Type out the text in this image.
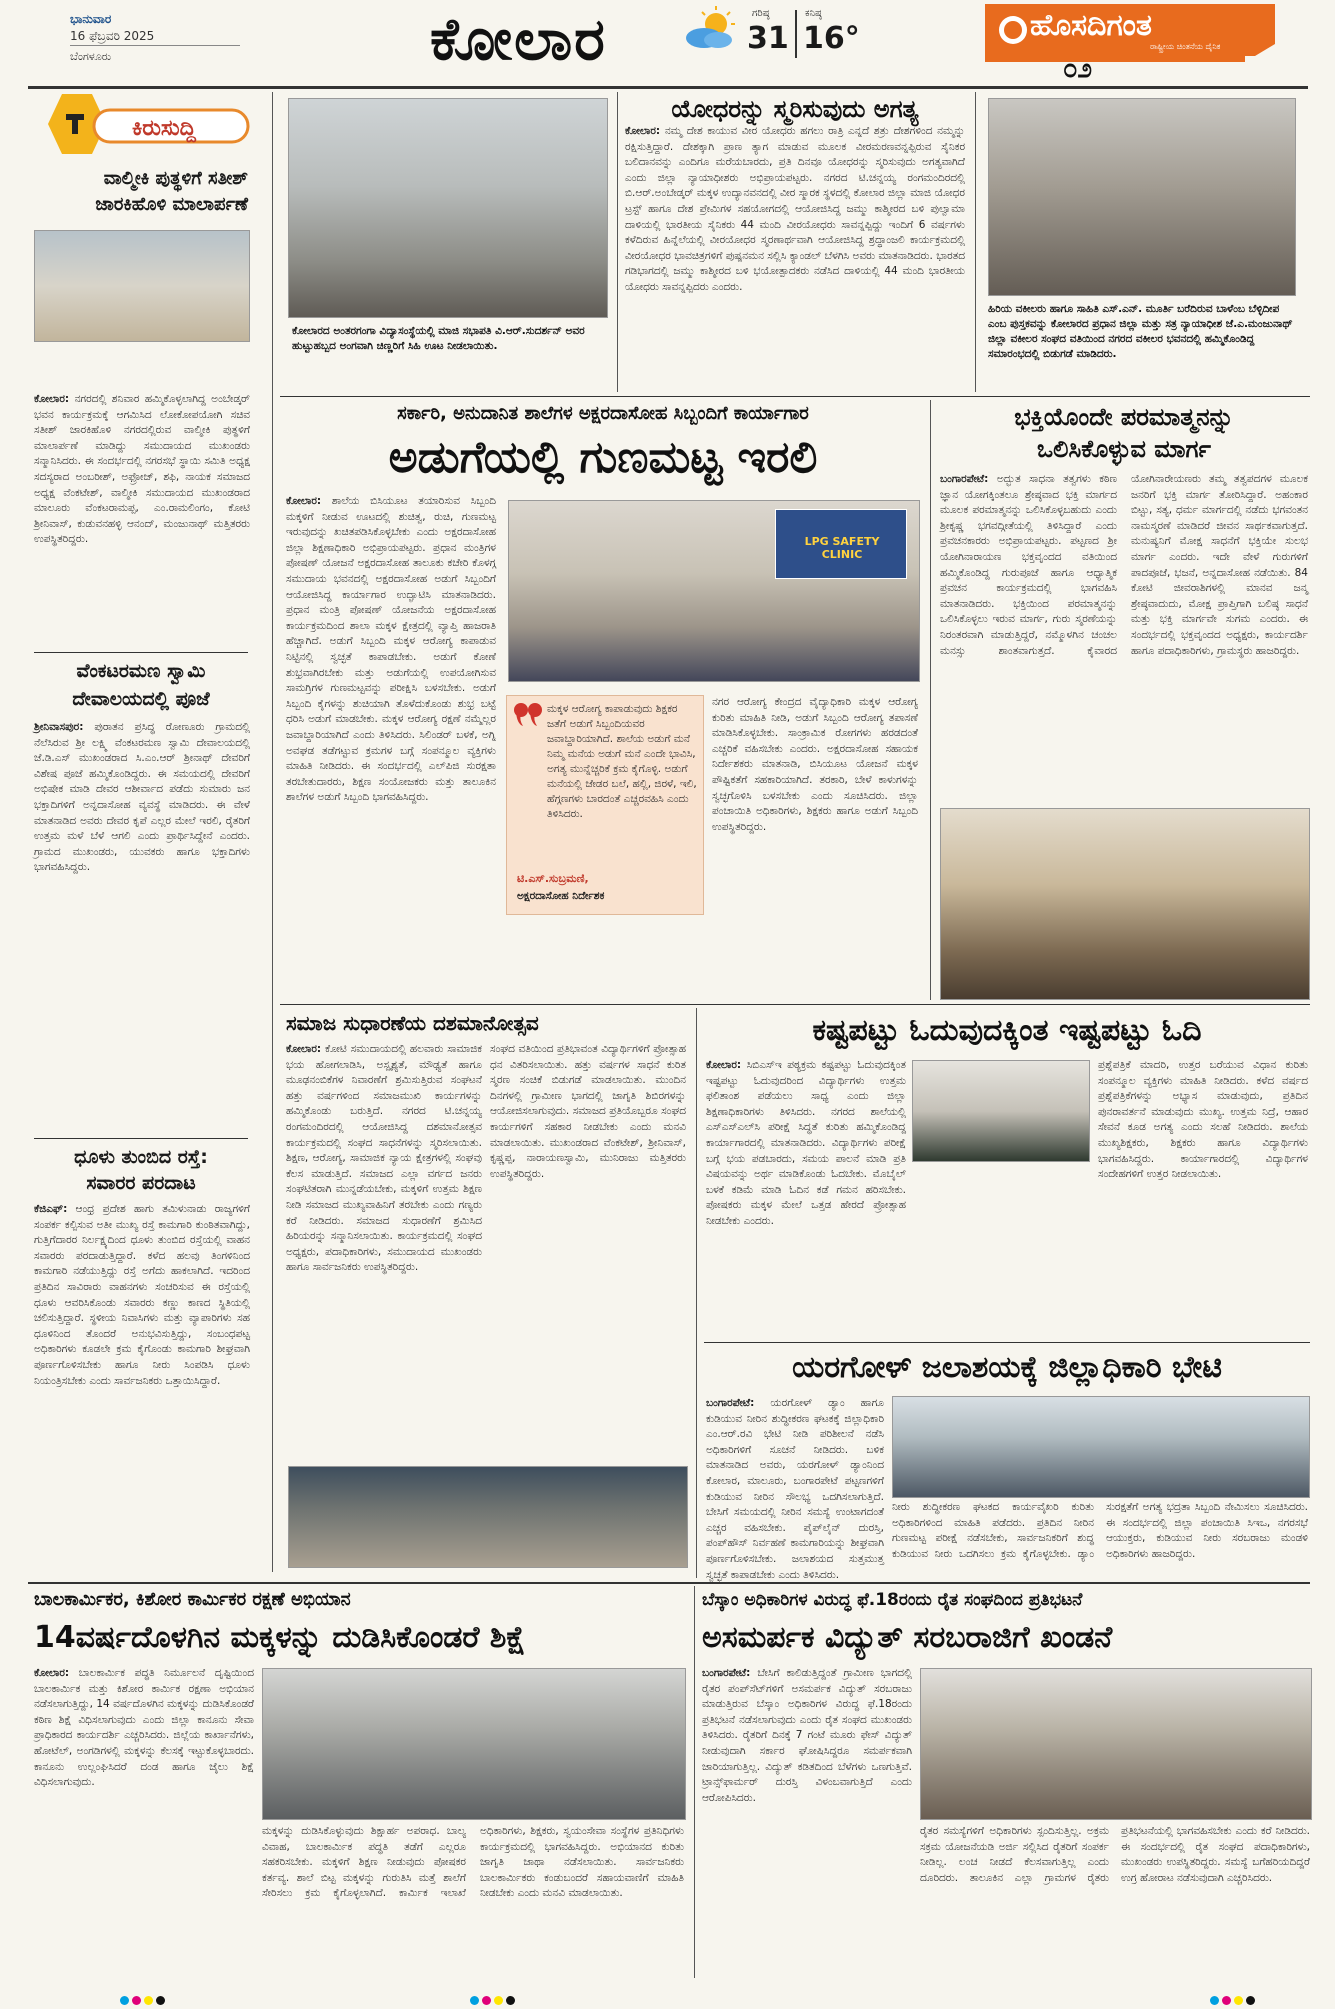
ಭಾನುವಾರ
16 ಫೆಬ್ರವರಿ 2025
ಬೆಂಗಳೂರು	ಕೋಲಾರ	ಗರಿಷ್ಠ
31
ಕನಿಷ್ಠ
16°	ಹೊಸದಿಗಂತ
ರಾಷ್ಟ್ರೀಯ ಚಿಂತನೆಯ ದೈನಿಕ
೦೨
ಕಿರುಸುದ್ದಿ
ವಾಲ್ಮೀಕಿ ಪುತ್ಥಳಿಗೆ ಸತೀಶ್ ಜಾರಕಿಹೊಳಿ ಮಾಲಾರ್ಪಣೆ
ಕೋಲಾರ: ನಗರದಲ್ಲಿ ಶನಿವಾರ ಹಮ್ಮಿಕೊಳ್ಳಲಾಗಿದ್ದ ಅಂಬೇಡ್ಕರ್ ಭವನ ಕಾರ್ಯಕ್ರಮಕ್ಕೆ ಆಗಮಿಸಿದ ಲೋಕೋಪಯೋಗಿ ಸಚಿವ ಸತೀಶ್ ಜಾರಕಿಹೊಳಿ ನಗರದಲ್ಲಿರುವ ವಾಲ್ಮೀಕಿ ಪುತ್ಥಳಿಗೆ ಮಾಲಾರ್ಪಣೆ ಮಾಡಿದ್ದು ಸಮುದಾಯದ ಮುಖಂಡರು ಸನ್ಮಾನಿಸಿದರು. ಈ ಸಂದರ್ಭದಲ್ಲಿ ನಗರಸಭೆ ಸ್ಥಾಯಿ ಸಮಿತಿ ಅಧ್ಯಕ್ಷ ಸದಸ್ಯರಾದ ಅಂಬರೀಶ್, ಅಫ್ರೋಜ್, ಶಫಿ, ನಾಯಕ ಸಮಾಜದ ಅಧ್ಯಕ್ಷ ವೆಂಕಟೇಶ್, ವಾಲ್ಮೀಕಿ ಸಮುದಾಯದ ಮುಖಂಡರಾದ ಮಾಲೂರು ವೆಂಕಟರಾಮಪ್ಪ, ಎಂ.ರಾಮಲಿಂಗಂ, ಕೋಟಿ ಶ್ರೀನಿವಾಸ್, ಕುಡುವನಹಳ್ಳಿ ಆನಂದ್, ಮಂಜುನಾಥ್ ಮತ್ತಿತರರು ಉಪಸ್ಥಿತರಿದ್ದರು.
ವೆಂಕಟರಮಣ ಸ್ವಾಮಿ
ದೇವಾಲಯದಲ್ಲಿ ಪೂಜೆ
ಶ್ರೀನಿವಾಸಪುರ: ಪುರಾತನ ಪ್ರಸಿದ್ಧ ರೋಣೂರು ಗ್ರಾಮದಲ್ಲಿ ನೆಲೆಸಿರುವ ಶ್ರೀ ಲಕ್ಷ್ಮಿ ವೆಂಕಟರಮಣ ಸ್ವಾಮಿ ದೇವಾಲಯದಲ್ಲಿ ಜೆ.ಡಿ.ಎಸ್ ಮುಖಂಡರಾದ ಸಿ.ಎಂ.ಆರ್ ಶ್ರೀನಾಥ್ ದೇವರಿಗೆ ವಿಶೇಷ ಪೂಜೆ ಹಮ್ಮಿಕೊಂಡಿದ್ದರು. ಈ ಸಮಯದಲ್ಲಿ ದೇವರಿಗೆ ಅಭಿಷೇಕ ಮಾಡಿ ದೇವರ ಆಶೀರ್ವಾದ ಪಡೆದು ಸುಮಾರು ಜನ ಭಕ್ತಾದಿಗಳಿಗೆ ಅನ್ನದಾಸೋಹ ವ್ಯವಸ್ಥೆ ಮಾಡಿದರು. ಈ ವೇಳೆ ಮಾತನಾಡಿದ ಅವರು ದೇವರ ಕೃಪೆ ಎಲ್ಲರ ಮೇಲೆ ಇರಲಿ, ರೈತರಿಗೆ ಉತ್ತಮ ಮಳೆ ಬೆಳೆ ಆಗಲಿ ಎಂದು ಪ್ರಾರ್ಥಿಸಿದ್ದೇನೆ ಎಂದರು. ಗ್ರಾಮದ ಮುಖಂಡರು, ಯುವಕರು ಹಾಗೂ ಭಕ್ತಾದಿಗಳು ಭಾಗವಹಿಸಿದ್ದರು.
ಧೂಳು ತುಂಬಿದ ರಸ್ತೆ:
ಸವಾರರ ಪರದಾಟ
ಕೆಜಿಎಫ್: ಆಂಧ್ರ ಪ್ರದೇಶ ಹಾಗು ತಮಿಳುನಾಡು ರಾಜ್ಯಗಳಿಗೆ ಸಂಪರ್ಕ ಕಲ್ಪಿಸುವ ಅತೀ ಮುಖ್ಯ ರಸ್ತೆ ಕಾಮಗಾರಿ ಕುಂಠಿತವಾಗಿದ್ದು, ಗುತ್ತಿಗೆದಾರರ ನಿರ್ಲಕ್ಷ್ಯದಿಂದ ಧೂಳು ತುಂಬಿದ ರಸ್ತೆಯಲ್ಲಿ ವಾಹನ ಸವಾರರು ಪರದಾಡುತ್ತಿದ್ದಾರೆ. ಕಳೆದ ಹಲವು ತಿಂಗಳಿನಿಂದ ಕಾಮಗಾರಿ ನಡೆಯುತ್ತಿದ್ದು ರಸ್ತೆ ಅಗೆದು ಹಾಕಲಾಗಿದೆ. ಇದರಿಂದ ಪ್ರತಿದಿನ ಸಾವಿರಾರು ವಾಹನಗಳು ಸಂಚರಿಸುವ ಈ ರಸ್ತೆಯಲ್ಲಿ ಧೂಳು ಆವರಿಸಿಕೊಂಡು ಸವಾರರು ಕಣ್ಣು ಕಾಣದ ಸ್ಥಿತಿಯಲ್ಲಿ ಚಲಿಸುತ್ತಿದ್ದಾರೆ. ಸ್ಥಳೀಯ ನಿವಾಸಿಗಳು ಮತ್ತು ವ್ಯಾಪಾರಿಗಳು ಸಹ ಧೂಳಿನಿಂದ ತೊಂದರೆ ಅನುಭವಿಸುತ್ತಿದ್ದು, ಸಂಬಂಧಪಟ್ಟ ಅಧಿಕಾರಿಗಳು ಕೂಡಲೇ ಕ್ರಮ ಕೈಗೊಂಡು ಕಾಮಗಾರಿ ಶೀಘ್ರವಾಗಿ ಪೂರ್ಣಗೊಳಿಸಬೇಕು ಹಾಗೂ ನೀರು ಸಿಂಪಡಿಸಿ ಧೂಳು ನಿಯಂತ್ರಿಸಬೇಕು ಎಂದು ಸಾರ್ವಜನಿಕರು ಒತ್ತಾಯಿಸಿದ್ದಾರೆ.
ಕೋಲಾರದ ಅಂತರಗಂಗಾ ವಿದ್ಯಾಸಂಸ್ಥೆಯಲ್ಲಿ ಮಾಜಿ ಸಭಾಪತಿ ವಿ.ಆರ್.ಸುದರ್ಶನ್ ಅವರ ಹುಟ್ಟುಹಬ್ಬದ ಅಂಗವಾಗಿ ಚಿಣ್ಣರಿಗೆ ಸಿಹಿ ಊಟ ನೀಡಲಾಯಿತು.
ಯೋಧರನ್ನು ಸ್ಮರಿಸುವುದು ಅಗತ್ಯ
ಕೋಲಾರ: ನಮ್ಮ ದೇಶ ಕಾಯುವ ವೀರ ಯೋಧರು ಹಗಲು ರಾತ್ರಿ ಎನ್ನದೆ ಶತ್ರು ದೇಶಗಳಿಂದ ನಮ್ಮನ್ನು ರಕ್ಷಿಸುತ್ತಿದ್ದಾರೆ. ದೇಶಕ್ಕಾಗಿ ಪ್ರಾಣ ತ್ಯಾಗ ಮಾಡುವ ಮೂಲಕ ವೀರಮರಣವನ್ನಪ್ಪಿರುವ ಸೈನಿಕರ ಬಲಿದಾನವನ್ನು ಎಂದಿಗೂ ಮರೆಯಬಾರದು, ಪ್ರತಿ ದಿನವೂ ಯೋಧರನ್ನು ಸ್ಮರಿಸುವುದು ಅಗತ್ಯವಾಗಿದೆ ಎಂದು ಜಿಲ್ಲಾ ನ್ಯಾಯಾಧೀಶರು ಅಭಿಪ್ರಾಯಪಟ್ಟರು. ನಗರದ ಟಿ.ಚನ್ನಯ್ಯ ರಂಗಮಂದಿರದಲ್ಲಿ ಬಿ.ಆರ್.ಅಂಬೇಡ್ಕರ್ ಮಕ್ಕಳ ಉದ್ಯಾನವನದಲ್ಲಿ ವೀರ ಸ್ಮಾರಕ ಸ್ಥಳದಲ್ಲಿ ಕೋಲಾರ ಜಿಲ್ಲಾ ಮಾಜಿ ಯೋಧರ ಟ್ರಸ್ಟ್ ಹಾಗೂ ದೇಶ ಪ್ರೇಮಿಗಳ ಸಹಯೋಗದಲ್ಲಿ ಆಯೋಜಿಸಿದ್ದ ಜಮ್ಮು ಕಾಶ್ಮೀರದ ಬಳಿ ಪುಲ್ವಾಮಾ ದಾಳಿಯಲ್ಲಿ ಭಾರತೀಯ ಸೈನಿಕರು 44 ಮಂದಿ ವೀರಯೋಧರು ಸಾವನ್ನಪ್ಪಿದ್ದು ಇಂದಿಗೆ 6 ವರ್ಷಗಳು ಕಳೆದಿರುವ ಹಿನ್ನೆಲೆಯಲ್ಲಿ ವೀರಯೋಧರ ಸ್ಮರಣಾರ್ಥವಾಗಿ ಆಯೋಜಿಸಿದ್ದ ಶ್ರದ್ಧಾಂಜಲಿ ಕಾರ್ಯಕ್ರಮದಲ್ಲಿ ವೀರಯೋಧರ ಭಾವಚಿತ್ರಗಳಿಗೆ ಪುಷ್ಪನಮನ ಸಲ್ಲಿಸಿ ಕ್ಯಾಂಡಲ್ ಬೆಳಗಿಸಿ ಅವರು ಮಾತನಾಡಿದರು. ಭಾರತದ ಗಡಿಭಾಗದಲ್ಲಿ ಜಮ್ಮು ಕಾಶ್ಮೀರದ ಬಳಿ ಭಯೋತ್ಪಾದಕರು ನಡೆಸಿದ ದಾಳಿಯಲ್ಲಿ 44 ಮಂದಿ ಭಾರತೀಯ ಯೋಧರು ಸಾವನ್ನಪ್ಪಿದರು ಎಂದರು.
ಹಿರಿಯ ವಕೀಲರು ಹಾಗೂ ಸಾಹಿತಿ ಎಸ್.ಎನ್. ಮೂರ್ತಿ ಬರೆದಿರುವ ಬಾಳೆಂಬ ಬೆಳ್ಳಿದೀಪ ಎಂಬ ಪುಸ್ತಕವನ್ನು ಕೋಲಾರದ ಪ್ರಧಾನ ಜಿಲ್ಲಾ ಮತ್ತು ಸತ್ರ ನ್ಯಾಯಾಧೀಶ ಜೆ.ಎ.ಮಂಜುನಾಥ್ ಜಿಲ್ಲಾ ವಕೀಲರ ಸಂಘದ ವತಿಯಿಂದ ನಗರದ ವಕೀಲರ ಭವನದಲ್ಲಿ ಹಮ್ಮಿಕೊಂಡಿದ್ದ ಸಮಾರಂಭದಲ್ಲಿ ಬಿಡುಗಡೆ ಮಾಡಿದರು.
ಸರ್ಕಾರಿ, ಅನುದಾನಿತ ಶಾಲೆಗಳ ಅಕ್ಷರದಾಸೋಹ ಸಿಬ್ಬಂದಿಗೆ ಕಾರ್ಯಾಗಾರ
ಅಡುಗೆಯಲ್ಲಿ ಗುಣಮಟ್ಟ ಇರಲಿ
ಕೋಲಾರ: ಶಾಲೆಯ ಬಿಸಿಯೂಟ ತಯಾರಿಸುವ ಸಿಬ್ಬಂದಿ ಮಕ್ಕಳಿಗೆ ನೀಡುವ ಊಟದಲ್ಲಿ ಶುಚಿತ್ವ, ರುಚಿ, ಗುಣಮಟ್ಟ ಇರುವುದನ್ನು ಖಚಿತಪಡಿಸಿಕೊಳ್ಳಬೇಕು ಎಂದು ಅಕ್ಷರದಾಸೋಹ ಜಿಲ್ಲಾ ಶಿಕ್ಷಣಾಧಿಕಾರಿ ಅಭಿಪ್ರಾಯಪಟ್ಟರು. ಪ್ರಧಾನ ಮಂತ್ರಿಗಳ ಪೋಷಣ್ ಯೋಜನೆ ಅಕ್ಷರದಾಸೋಹ ತಾಲೂಕು ಕಚೇರಿ ಕೊಳಗ್ಗ ಸಮುದಾಯ ಭವನದಲ್ಲಿ ಅಕ್ಷರದಾಸೋಹ ಅಡುಗೆ ಸಿಬ್ಬಂದಿಗೆ ಆಯೋಜಿಸಿದ್ದ ಕಾರ್ಯಾಗಾರ ಉದ್ಘಾಟಿಸಿ ಮಾತನಾಡಿದರು. ಪ್ರಧಾನ ಮಂತ್ರಿ ಪೋಷಣ್ ಯೋಜನೆಯ ಅಕ್ಷರದಾಸೋಹ ಕಾರ್ಯಕ್ರಮದಿಂದ ಶಾಲಾ ಮಕ್ಕಳ ಕ್ಷೇತ್ರದಲ್ಲಿ ವ್ಯಾಪ್ತಿ ಹಾಜರಾತಿ ಹೆಚ್ಚಾಗಿದೆ. ಅಡುಗೆ ಸಿಬ್ಬಂದಿ ಮಕ್ಕಳ ಆರೋಗ್ಯ ಕಾಪಾಡುವ ನಿಟ್ಟಿನಲ್ಲಿ ಸ್ವಚ್ಛತೆ ಕಾಪಾಡಬೇಕು. ಅಡುಗೆ ಕೋಣೆ ಶುಭ್ರವಾಗಿರಬೇಕು ಮತ್ತು ಅಡುಗೆಯಲ್ಲಿ ಉಪಯೋಗಿಸುವ ಸಾಮಗ್ರಿಗಳ ಗುಣಮಟ್ಟವನ್ನು ಪರೀಕ್ಷಿಸಿ ಬಳಸಬೇಕು. ಅಡುಗೆ ಸಿಬ್ಬಂದಿ ಕೈಗಳನ್ನು ಶುಚಿಯಾಗಿ ತೊಳೆದುಕೊಂಡು ಶುಭ್ರ ಬಟ್ಟೆ ಧರಿಸಿ ಅಡುಗೆ ಮಾಡಬೇಕು. ಮಕ್ಕಳ ಆರೋಗ್ಯ ರಕ್ಷಣೆ ನಮ್ಮೆಲ್ಲರ ಜವಾಬ್ದಾರಿಯಾಗಿದೆ ಎಂದು ತಿಳಿಸಿದರು. ಸಿಲಿಂಡರ್ ಬಳಕೆ, ಅಗ್ನಿ ಅವಘಡ ತಡೆಗಟ್ಟುವ ಕ್ರಮಗಳ ಬಗ್ಗೆ ಸಂಪನ್ಮೂಲ ವ್ಯಕ್ತಿಗಳು ಮಾಹಿತಿ ನೀಡಿದರು. ಈ ಸಂದರ್ಭದಲ್ಲಿ ಎಲ್‌ಪಿಜಿ ಸುರಕ್ಷತಾ ತರಬೇತುದಾರರು, ಶಿಕ್ಷಣ ಸಂಯೋಜಕರು ಮತ್ತು ತಾಲೂಕಿನ ಶಾಲೆಗಳ ಅಡುಗೆ ಸಿಬ್ಬಂದಿ ಭಾಗವಹಿಸಿದ್ದರು.
LPG SAFETY CLINIC
ಮಕ್ಕಳ ಆರೋಗ್ಯ ಕಾಪಾಡುವುದು ಶಿಕ್ಷಕರ ಜತೆಗೆ ಅಡುಗೆ ಸಿಬ್ಬಂದಿಯವರ ಜವಾಬ್ದಾರಿಯಾಗಿದೆ. ಶಾಲೆಯ ಅಡುಗೆ ಮನೆ ನಿಮ್ಮ ಮನೆಯ ಅಡುಗೆ ಮನೆ ಎಂದೇ ಭಾವಿಸಿ, ಅಗತ್ಯ ಮುನ್ನೆಚ್ಚರಿಕೆ ಕ್ರಮ ಕೈಗೊಳ್ಳಿ. ಅಡುಗೆ ಮನೆಯಲ್ಲಿ ಜೇಡರ ಬಲೆ, ಹಲ್ಲಿ, ಜಿರಳೆ, ಇಲಿ, ಹೆಗ್ಗಣಗಳು ಬಾರದಂತೆ ಎಚ್ಚರವಹಿಸಿ ಎಂದು ತಿಳಿಸಿದರು.
ಟಿ.ಎಸ್.ಸುಬ್ರಮಣಿ,
ಅಕ್ಷರದಾಸೋಹ ನಿರ್ದೇಶಕ
ನಗರ ಆರೋಗ್ಯ ಕೇಂದ್ರದ ವೈದ್ಯಾಧಿಕಾರಿ ಮಕ್ಕಳ ಆರೋಗ್ಯ ಕುರಿತು ಮಾಹಿತಿ ನೀಡಿ, ಅಡುಗೆ ಸಿಬ್ಬಂದಿ ಆರೋಗ್ಯ ತಪಾಸಣೆ ಮಾಡಿಸಿಕೊಳ್ಳಬೇಕು. ಸಾಂಕ್ರಾಮಿಕ ರೋಗಗಳು ಹರಡದಂತೆ ಎಚ್ಚರಿಕೆ ವಹಿಸಬೇಕು ಎಂದರು. ಅಕ್ಷರದಾಸೋಹ ಸಹಾಯಕ ನಿರ್ದೇಶಕರು ಮಾತನಾಡಿ, ಬಿಸಿಯೂಟ ಯೋಜನೆ ಮಕ್ಕಳ ಪೌಷ್ಟಿಕತೆಗೆ ಸಹಕಾರಿಯಾಗಿದೆ. ತರಕಾರಿ, ಬೇಳೆ ಕಾಳುಗಳನ್ನು ಸ್ವಚ್ಛಗೊಳಿಸಿ ಬಳಸಬೇಕು ಎಂದು ಸೂಚಿಸಿದರು. ಜಿಲ್ಲಾ ಪಂಚಾಯಿತಿ ಅಧಿಕಾರಿಗಳು, ಶಿಕ್ಷಕರು ಹಾಗೂ ಅಡುಗೆ ಸಿಬ್ಬಂದಿ ಉಪಸ್ಥಿತರಿದ್ದರು.
ಭಕ್ತಿಯೊಂದೇ ಪರಮಾತ್ಮನನ್ನು
ಒಲಿಸಿಕೊಳ್ಳುವ ಮಾರ್ಗ
ಬಂಗಾರಪೇಟೆ: ಅದ್ಭುತ ಸಾಧನಾ ತತ್ವಗಳು ಕಠಿಣ ಜ್ಞಾನ ಯೋಗಕ್ಕಿಂತಲೂ ಶ್ರೇಷ್ಠವಾದ ಭಕ್ತಿ ಮಾರ್ಗದ ಮೂಲಕ ಪರಮಾತ್ಮನನ್ನು ಒಲಿಸಿಕೊಳ್ಳಬಹುದು ಎಂದು ಶ್ರೀಕೃಷ್ಣ ಭಗವದ್ಗೀತೆಯಲ್ಲಿ ತಿಳಿಸಿದ್ದಾರೆ ಎಂದು ಪ್ರವಚನಕಾರರು ಅಭಿಪ್ರಾಯಪಟ್ಟರು. ಪಟ್ಟಣದ ಶ್ರೀ ಯೋಗಿನಾರಾಯಣ ಭಕ್ತವೃಂದದ ವತಿಯಿಂದ ಹಮ್ಮಿಕೊಂಡಿದ್ದ ಗುರುಪೂಜೆ ಹಾಗೂ ಆಧ್ಯಾತ್ಮಿಕ ಪ್ರವಚನ ಕಾರ್ಯಕ್ರಮದಲ್ಲಿ ಭಾಗವಹಿಸಿ ಮಾತನಾಡಿದರು. ಭಕ್ತಿಯಿಂದ ಪರಮಾತ್ಮನನ್ನು ಒಲಿಸಿಕೊಳ್ಳಲು ಇರುವ ಮಾರ್ಗ, ಗುರು ಸ್ಮರಣೆಯನ್ನು ನಿರಂತರವಾಗಿ ಮಾಡುತ್ತಿದ್ದರೆ, ನಮ್ಮೊಳಗಿನ ಚಂಚಲ ಮನಸ್ಸು ಶಾಂತವಾಗುತ್ತದೆ. ಕೈವಾರದ ಯೋಗಿನಾರೇಯಣರು ತಮ್ಮ ತತ್ವಪದಗಳ ಮೂಲಕ ಜನರಿಗೆ ಭಕ್ತಿ ಮಾರ್ಗ ತೋರಿಸಿದ್ದಾರೆ. ಅಹಂಕಾರ ಬಿಟ್ಟು, ಸತ್ಯ, ಧರ್ಮ ಮಾರ್ಗದಲ್ಲಿ ನಡೆದು ಭಗವಂತನ ನಾಮಸ್ಮರಣೆ ಮಾಡಿದರೆ ಜೀವನ ಸಾರ್ಥಕವಾಗುತ್ತದೆ. ಮನುಷ್ಯನಿಗೆ ಮೋಕ್ಷ ಸಾಧನೆಗೆ ಭಕ್ತಿಯೇ ಸುಲಭ ಮಾರ್ಗ ಎಂದರು. ಇದೇ ವೇಳೆ ಗುರುಗಳಿಗೆ ಪಾದಪೂಜೆ, ಭಜನೆ, ಅನ್ನದಾಸೋಹ ನಡೆಯಿತು. 84 ಕೋಟಿ ಜೀವರಾಶಿಗಳಲ್ಲಿ ಮಾನವ ಜನ್ಮ ಶ್ರೇಷ್ಠವಾದುದು, ಮೋಕ್ಷ ಪ್ರಾಪ್ತಿಗಾಗಿ ಬಲಿಷ್ಠ ಸಾಧನೆ ಮತ್ತು ಭಕ್ತಿ ಮಾರ್ಗವೇ ಸುಗಮ ಎಂದರು. ಈ ಸಂದರ್ಭದಲ್ಲಿ ಭಕ್ತವೃಂದದ ಅಧ್ಯಕ್ಷರು, ಕಾರ್ಯದರ್ಶಿ ಹಾಗೂ ಪದಾಧಿಕಾರಿಗಳು, ಗ್ರಾಮಸ್ಥರು ಹಾಜರಿದ್ದರು.
ಸಮಾಜ ಸುಧಾರಣೆಯ ದಶಮಾನೋತ್ಸವ
ಕೋಲಾರ: ಕೋಟಿ ಸಮುದಾಯದಲ್ಲಿ ಹಲವಾರು ಸಾಮಾಜಿಕ ಭಯ ಹೋಗಲಾಡಿಸಿ, ಅಸ್ಪೃಶ್ಯತೆ, ಮೌಢ್ಯತೆ ಹಾಗೂ ಮೂಢನಂಬಿಕೆಗಳ ನಿವಾರಣೆಗೆ ಶ್ರಮಿಸುತ್ತಿರುವ ಸಂಘಟನೆ ಹತ್ತು ವರ್ಷಗಳಿಂದ ಸಮಾಜಮುಖಿ ಕಾರ್ಯಗಳನ್ನು ಹಮ್ಮಿಕೊಂಡು ಬರುತ್ತಿದೆ. ನಗರದ ಟಿ.ಚನ್ನಯ್ಯ ರಂಗಮಂದಿರದಲ್ಲಿ ಆಯೋಜಿಸಿದ್ದ ದಶಮಾನೋತ್ಸವ ಕಾರ್ಯಕ್ರಮದಲ್ಲಿ ಸಂಘದ ಸಾಧನೆಗಳನ್ನು ಸ್ಮರಿಸಲಾಯಿತು. ಶಿಕ್ಷಣ, ಆರೋಗ್ಯ, ಸಾಮಾಜಿಕ ನ್ಯಾಯ ಕ್ಷೇತ್ರಗಳಲ್ಲಿ ಸಂಘವು ಕೆಲಸ ಮಾಡುತ್ತಿದೆ. ಸಮಾಜದ ಎಲ್ಲಾ ವರ್ಗದ ಜನರು ಸಂಘಟಿತರಾಗಿ ಮುನ್ನಡೆಯಬೇಕು, ಮಕ್ಕಳಿಗೆ ಉತ್ತಮ ಶಿಕ್ಷಣ ನೀಡಿ ಸಮಾಜದ ಮುಖ್ಯವಾಹಿನಿಗೆ ತರಬೇಕು ಎಂದು ಗಣ್ಯರು ಕರೆ ನೀಡಿದರು. ಸಮಾಜದ ಸುಧಾರಣೆಗೆ ಶ್ರಮಿಸಿದ ಹಿರಿಯರನ್ನು ಸನ್ಮಾನಿಸಲಾಯಿತು. ಕಾರ್ಯಕ್ರಮದಲ್ಲಿ ಸಂಘದ ಅಧ್ಯಕ್ಷರು, ಪದಾಧಿಕಾರಿಗಳು, ಸಮುದಾಯದ ಮುಖಂಡರು ಹಾಗೂ ಸಾರ್ವಜನಿಕರು ಉಪಸ್ಥಿತರಿದ್ದರು.
ಸಂಘದ ವತಿಯಿಂದ ಪ್ರತಿಭಾವಂತ ವಿದ್ಯಾರ್ಥಿಗಳಿಗೆ ಪ್ರೋತ್ಸಾಹ ಧನ ವಿತರಿಸಲಾಯಿತು. ಹತ್ತು ವರ್ಷಗಳ ಸಾಧನೆ ಕುರಿತ ಸ್ಮರಣ ಸಂಚಿಕೆ ಬಿಡುಗಡೆ ಮಾಡಲಾಯಿತು. ಮುಂದಿನ ದಿನಗಳಲ್ಲಿ ಗ್ರಾಮೀಣ ಭಾಗದಲ್ಲಿ ಜಾಗೃತಿ ಶಿಬಿರಗಳನ್ನು ಆಯೋಜಿಸಲಾಗುವುದು. ಸಮಾಜದ ಪ್ರತಿಯೊಬ್ಬರೂ ಸಂಘದ ಕಾರ್ಯಗಳಿಗೆ ಸಹಕಾರ ನೀಡಬೇಕು ಎಂದು ಮನವಿ ಮಾಡಲಾಯಿತು. ಮುಖಂಡರಾದ ವೆಂಕಟೇಶ್, ಶ್ರೀನಿವಾಸ್, ಕೃಷ್ಣಪ್ಪ, ನಾರಾಯಣಸ್ವಾಮಿ, ಮುನಿರಾಜು ಮತ್ತಿತರರು ಉಪಸ್ಥಿತರಿದ್ದರು.
ಕಷ್ಟಪಟ್ಟು ಓದುವುದಕ್ಕಿಂತ ಇಷ್ಟಪಟ್ಟು ಓದಿ
ಕೋಲಾರ: ಸಿಬಿಎಸ್‌ಇ ಪಠ್ಯಕ್ರಮ ಕಷ್ಟಪಟ್ಟು ಓದುವುದಕ್ಕಿಂತ ಇಷ್ಟಪಟ್ಟು ಓದುವುದರಿಂದ ವಿದ್ಯಾರ್ಥಿಗಳು ಉತ್ತಮ ಫಲಿತಾಂಶ ಪಡೆಯಲು ಸಾಧ್ಯ ಎಂದು ಜಿಲ್ಲಾ ಶಿಕ್ಷಣಾಧಿಕಾರಿಗಳು ತಿಳಿಸಿದರು. ನಗರದ ಶಾಲೆಯಲ್ಲಿ ಎಸ್‌ಎಸ್‌ಎಲ್‌ಸಿ ಪರೀಕ್ಷೆ ಸಿದ್ಧತೆ ಕುರಿತು ಹಮ್ಮಿಕೊಂಡಿದ್ದ ಕಾರ್ಯಾಗಾರದಲ್ಲಿ ಮಾತನಾಡಿದರು. ವಿದ್ಯಾರ್ಥಿಗಳು ಪರೀಕ್ಷೆ ಬಗ್ಗೆ ಭಯ ಪಡಬಾರದು, ಸಮಯ ಪಾಲನೆ ಮಾಡಿ ಪ್ರತಿ ವಿಷಯವನ್ನು ಅರ್ಥ ಮಾಡಿಕೊಂಡು ಓದಬೇಕು. ಮೊಬೈಲ್ ಬಳಕೆ ಕಡಿಮೆ ಮಾಡಿ ಓದಿನ ಕಡೆ ಗಮನ ಹರಿಸಬೇಕು. ಪೋಷಕರು ಮಕ್ಕಳ ಮೇಲೆ ಒತ್ತಡ ಹೇರದೆ ಪ್ರೋತ್ಸಾಹ ನೀಡಬೇಕು ಎಂದರು.
ಪ್ರಶ್ನೆಪತ್ರಿಕೆ ಮಾದರಿ, ಉತ್ತರ ಬರೆಯುವ ವಿಧಾನ ಕುರಿತು ಸಂಪನ್ಮೂಲ ವ್ಯಕ್ತಿಗಳು ಮಾಹಿತಿ ನೀಡಿದರು. ಕಳೆದ ವರ್ಷದ ಪ್ರಶ್ನೆಪತ್ರಿಕೆಗಳನ್ನು ಅಭ್ಯಾಸ ಮಾಡುವುದು, ಪ್ರತಿದಿನ ಪುನರಾವರ್ತನೆ ಮಾಡುವುದು ಮುಖ್ಯ. ಉತ್ತಮ ನಿದ್ರೆ, ಆಹಾರ ಸೇವನೆ ಕೂಡ ಅಗತ್ಯ ಎಂದು ಸಲಹೆ ನೀಡಿದರು. ಶಾಲೆಯ ಮುಖ್ಯಶಿಕ್ಷಕರು, ಶಿಕ್ಷಕರು ಹಾಗೂ ವಿದ್ಯಾರ್ಥಿಗಳು ಭಾಗವಹಿಸಿದ್ದರು. ಕಾರ್ಯಾಗಾರದಲ್ಲಿ ವಿದ್ಯಾರ್ಥಿಗಳ ಸಂದೇಹಗಳಿಗೆ ಉತ್ತರ ನೀಡಲಾಯಿತು.
ಯರಗೋಳ್ ಜಲಾಶಯಕ್ಕೆ ಜಿಲ್ಲಾಧಿಕಾರಿ ಭೇಟಿ
ಬಂಗಾರಪೇಟೆ: ಯರಗೋಳ್ ಡ್ಯಾಂ ಹಾಗೂ ಕುಡಿಯುವ ನೀರಿನ ಶುದ್ಧೀಕರಣ ಘಟಕಕ್ಕೆ ಜಿಲ್ಲಾಧಿಕಾರಿ ಎಂ.ಆರ್.ರವಿ ಭೇಟಿ ನೀಡಿ ಪರಿಶೀಲನೆ ನಡೆಸಿ ಅಧಿಕಾರಿಗಳಿಗೆ ಸೂಚನೆ ನೀಡಿದರು. ಬಳಿಕ ಮಾತನಾಡಿದ ಅವರು, ಯರಗೋಳ್ ಡ್ಯಾಂನಿಂದ ಕೋಲಾರ, ಮಾಲೂರು, ಬಂಗಾರಪೇಟೆ ಪಟ್ಟಣಗಳಿಗೆ ಕುಡಿಯುವ ನೀರಿನ ಸೌಲಭ್ಯ ಒದಗಿಸಲಾಗುತ್ತಿದೆ. ಬೇಸಿಗೆ ಸಮಯದಲ್ಲಿ ನೀರಿನ ಸಮಸ್ಯೆ ಉಂಟಾಗದಂತೆ ಎಚ್ಚರ ವಹಿಸಬೇಕು. ಪೈಪ್‌ಲೈನ್ ದುರಸ್ತಿ, ಪಂಪ್‌ಹೌಸ್ ನಿರ್ವಹಣೆ ಕಾಮಗಾರಿಯನ್ನು ಶೀಘ್ರವಾಗಿ ಪೂರ್ಣಗೊಳಿಸಬೇಕು. ಜಲಾಶಯದ ಸುತ್ತಮುತ್ತ ಸ್ವಚ್ಛತೆ ಕಾಪಾಡಬೇಕು ಎಂದು ತಿಳಿಸಿದರು.
ನೀರು ಶುದ್ಧೀಕರಣ ಘಟಕದ ಕಾರ್ಯವೈಖರಿ ಕುರಿತು ಅಧಿಕಾರಿಗಳಿಂದ ಮಾಹಿತಿ ಪಡೆದರು. ಪ್ರತಿದಿನ ನೀರಿನ ಗುಣಮಟ್ಟ ಪರೀಕ್ಷೆ ನಡೆಸಬೇಕು, ಸಾರ್ವಜನಿಕರಿಗೆ ಶುದ್ಧ ಕುಡಿಯುವ ನೀರು ಒದಗಿಸಲು ಕ್ರಮ ಕೈಗೊಳ್ಳಬೇಕು. ಡ್ಯಾಂ ಸುರಕ್ಷತೆಗೆ ಅಗತ್ಯ ಭದ್ರತಾ ಸಿಬ್ಬಂದಿ ನೇಮಿಸಲು ಸೂಚಿಸಿದರು. ಈ ಸಂದರ್ಭದಲ್ಲಿ ಜಿಲ್ಲಾ ಪಂಚಾಯಿತಿ ಸಿಇಒ, ನಗರಸಭೆ ಆಯುಕ್ತರು, ಕುಡಿಯುವ ನೀರು ಸರಬರಾಜು ಮಂಡಳಿ ಅಧಿಕಾರಿಗಳು ಹಾಜರಿದ್ದರು.
ಬಾಲಕಾರ್ಮಿಕರ, ಕಿಶೋರ ಕಾರ್ಮಿಕರ ರಕ್ಷಣೆ ಅಭಿಯಾನ
14ವರ್ಷದೊಳಗಿನ ಮಕ್ಕಳನ್ನು ದುಡಿಸಿಕೊಂಡರೆ ಶಿಕ್ಷೆ
ಕೋಲಾರ: ಬಾಲಕಾರ್ಮಿಕ ಪದ್ಧತಿ ನಿರ್ಮೂಲನೆ ದೃಷ್ಟಿಯಿಂದ ಬಾಲಕಾರ್ಮಿಕ ಮತ್ತು ಕಿಶೋರ ಕಾರ್ಮಿಕ ರಕ್ಷಣಾ ಅಭಿಯಾನ ನಡೆಸಲಾಗುತ್ತಿದ್ದು, 14 ವರ್ಷದೊಳಗಿನ ಮಕ್ಕಳನ್ನು ದುಡಿಸಿಕೊಂಡರೆ ಕಠಿಣ ಶಿಕ್ಷೆ ವಿಧಿಸಲಾಗುವುದು ಎಂದು ಜಿಲ್ಲಾ ಕಾನೂನು ಸೇವಾ ಪ್ರಾಧಿಕಾರದ ಕಾರ್ಯದರ್ಶಿ ಎಚ್ಚರಿಸಿದರು. ಜಿಲ್ಲೆಯ ಕಾರ್ಖಾನೆಗಳು, ಹೋಟೆಲ್, ಅಂಗಡಿಗಳಲ್ಲಿ ಮಕ್ಕಳನ್ನು ಕೆಲಸಕ್ಕೆ ಇಟ್ಟುಕೊಳ್ಳಬಾರದು. ಕಾನೂನು ಉಲ್ಲಂಘಿಸಿದರೆ ದಂಡ ಹಾಗೂ ಜೈಲು ಶಿಕ್ಷೆ ವಿಧಿಸಲಾಗುವುದು.
ಮಕ್ಕಳನ್ನು ದುಡಿಸಿಕೊಳ್ಳುವುದು ಶಿಕ್ಷಾರ್ಹ ಅಪರಾಧ. ಬಾಲ್ಯ ವಿವಾಹ, ಬಾಲಕಾರ್ಮಿಕ ಪದ್ಧತಿ ತಡೆಗೆ ಎಲ್ಲರೂ ಸಹಕರಿಸಬೇಕು. ಮಕ್ಕಳಿಗೆ ಶಿಕ್ಷಣ ನೀಡುವುದು ಪೋಷಕರ ಕರ್ತವ್ಯ. ಶಾಲೆ ಬಿಟ್ಟ ಮಕ್ಕಳನ್ನು ಗುರುತಿಸಿ ಮತ್ತೆ ಶಾಲೆಗೆ ಸೇರಿಸಲು ಕ್ರಮ ಕೈಗೊಳ್ಳಲಾಗಿದೆ. ಕಾರ್ಮಿಕ ಇಲಾಖೆ ಅಧಿಕಾರಿಗಳು, ಶಿಕ್ಷಕರು, ಸ್ವಯಂಸೇವಾ ಸಂಸ್ಥೆಗಳ ಪ್ರತಿನಿಧಿಗಳು ಕಾರ್ಯಕ್ರಮದಲ್ಲಿ ಭಾಗವಹಿಸಿದ್ದರು. ಅಭಿಯಾನದ ಕುರಿತು ಜಾಗೃತಿ ಜಾಥಾ ನಡೆಸಲಾಯಿತು. ಸಾರ್ವಜನಿಕರು ಬಾಲಕಾರ್ಮಿಕರು ಕಂಡುಬಂದರೆ ಸಹಾಯವಾಣಿಗೆ ಮಾಹಿತಿ ನೀಡಬೇಕು ಎಂದು ಮನವಿ ಮಾಡಲಾಯಿತು.
ಬೆಸ್ಕಾಂ ಅಧಿಕಾರಿಗಳ ವಿರುದ್ಧ ಫೆ.18ರಂದು ರೈತ ಸಂಘದಿಂದ ಪ್ರತಿಭಟನೆ
ಅಸಮರ್ಪಕ ವಿದ್ಯುತ್ ಸರಬರಾಜಿಗೆ ಖಂಡನೆ
ಬಂಗಾರಪೇಟೆ: ಬೇಸಿಗೆ ಕಾಲಿಡುತ್ತಿದ್ದಂತೆ ಗ್ರಾಮೀಣ ಭಾಗದಲ್ಲಿ ರೈತರ ಪಂಪ್‌ಸೆಟ್‌ಗಳಿಗೆ ಅಸಮರ್ಪಕ ವಿದ್ಯುತ್ ಸರಬರಾಜು ಮಾಡುತ್ತಿರುವ ಬೆಸ್ಕಾಂ ಅಧಿಕಾರಿಗಳ ವಿರುದ್ಧ ಫೆ.18ರಂದು ಪ್ರತಿಭಟನೆ ನಡೆಸಲಾಗುವುದು ಎಂದು ರೈತ ಸಂಘದ ಮುಖಂಡರು ತಿಳಿಸಿದರು. ರೈತರಿಗೆ ದಿನಕ್ಕೆ 7 ಗಂಟೆ ಮೂರು ಫೇಸ್ ವಿದ್ಯುತ್ ನೀಡುವುದಾಗಿ ಸರ್ಕಾರ ಘೋಷಿಸಿದ್ದರೂ ಸಮರ್ಪಕವಾಗಿ ಜಾರಿಯಾಗುತ್ತಿಲ್ಲ. ವಿದ್ಯುತ್ ಕಡಿತದಿಂದ ಬೆಳೆಗಳು ಒಣಗುತ್ತಿವೆ. ಟ್ರಾನ್ಸ್‌ಫಾರ್ಮರ್ ದುರಸ್ತಿ ವಿಳಂಬವಾಗುತ್ತಿದೆ ಎಂದು ಆರೋಪಿಸಿದರು.
ರೈತರ ಸಮಸ್ಯೆಗಳಿಗೆ ಅಧಿಕಾರಿಗಳು ಸ್ಪಂದಿಸುತ್ತಿಲ್ಲ. ಅಕ್ರಮ ಸಕ್ರಮ ಯೋಜನೆಯಡಿ ಅರ್ಜಿ ಸಲ್ಲಿಸಿದ ರೈತರಿಗೆ ಸಂಪರ್ಕ ನೀಡಿಲ್ಲ. ಲಂಚ ನೀಡದೆ ಕೆಲಸವಾಗುತ್ತಿಲ್ಲ ಎಂದು ದೂರಿದರು. ತಾಲೂಕಿನ ಎಲ್ಲಾ ಗ್ರಾಮಗಳ ರೈತರು ಪ್ರತಿಭಟನೆಯಲ್ಲಿ ಭಾಗವಹಿಸಬೇಕು ಎಂದು ಕರೆ ನೀಡಿದರು. ಈ ಸಂದರ್ಭದಲ್ಲಿ ರೈತ ಸಂಘದ ಪದಾಧಿಕಾರಿಗಳು, ಮುಖಂಡರು ಉಪಸ್ಥಿತರಿದ್ದರು. ಸಮಸ್ಯೆ ಬಗೆಹರಿಯದಿದ್ದರೆ ಉಗ್ರ ಹೋರಾಟ ನಡೆಸುವುದಾಗಿ ಎಚ್ಚರಿಸಿದರು.
